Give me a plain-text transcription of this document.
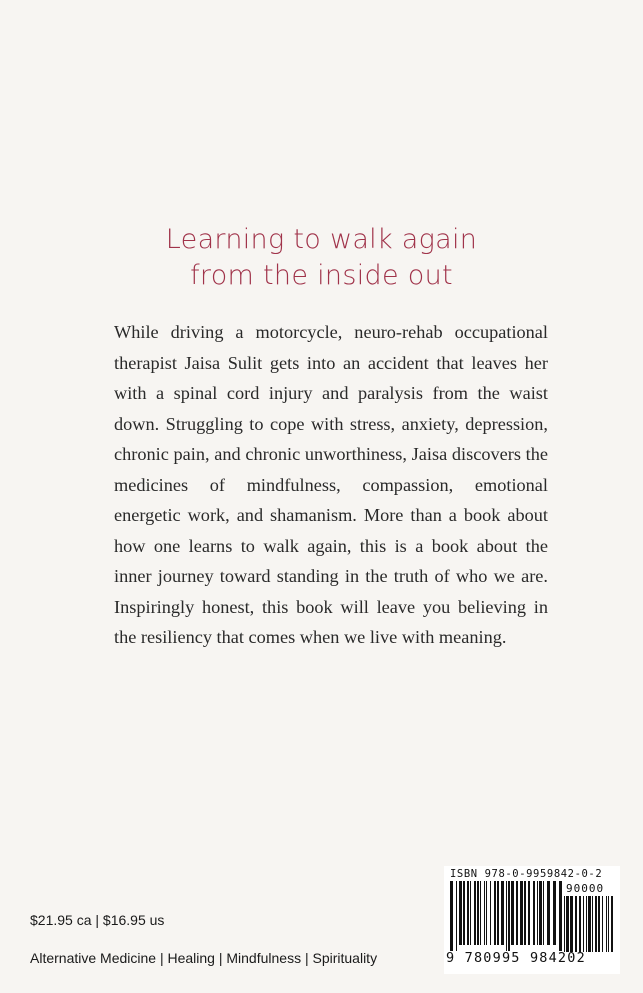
Learning to walk again
from the inside out

While driving a motorcycle, neuro-rehab occupational therapist Jaisa Sulit gets into an accident that leaves her with a spinal cord injury and paralysis from the waist down. Struggling to cope with stress, anxiety, depression, chronic pain, and chronic unworthiness, Jaisa discovers the medicines of mindfulness, compassion, emotional energetic work, and shamanism. More than a book about how one learns to walk again, this is a book about the inner journey toward standing in the truth of who we are. Inspiringly honest, this book will leave you believing in the resiliency that comes when we live with meaning.

$21.95 ca | $16.95 us
Alternative Medicine | Healing | Mindfulness | Spirituality
ISBN 978-0-9959842-0-2
90000
9 780995 984202
